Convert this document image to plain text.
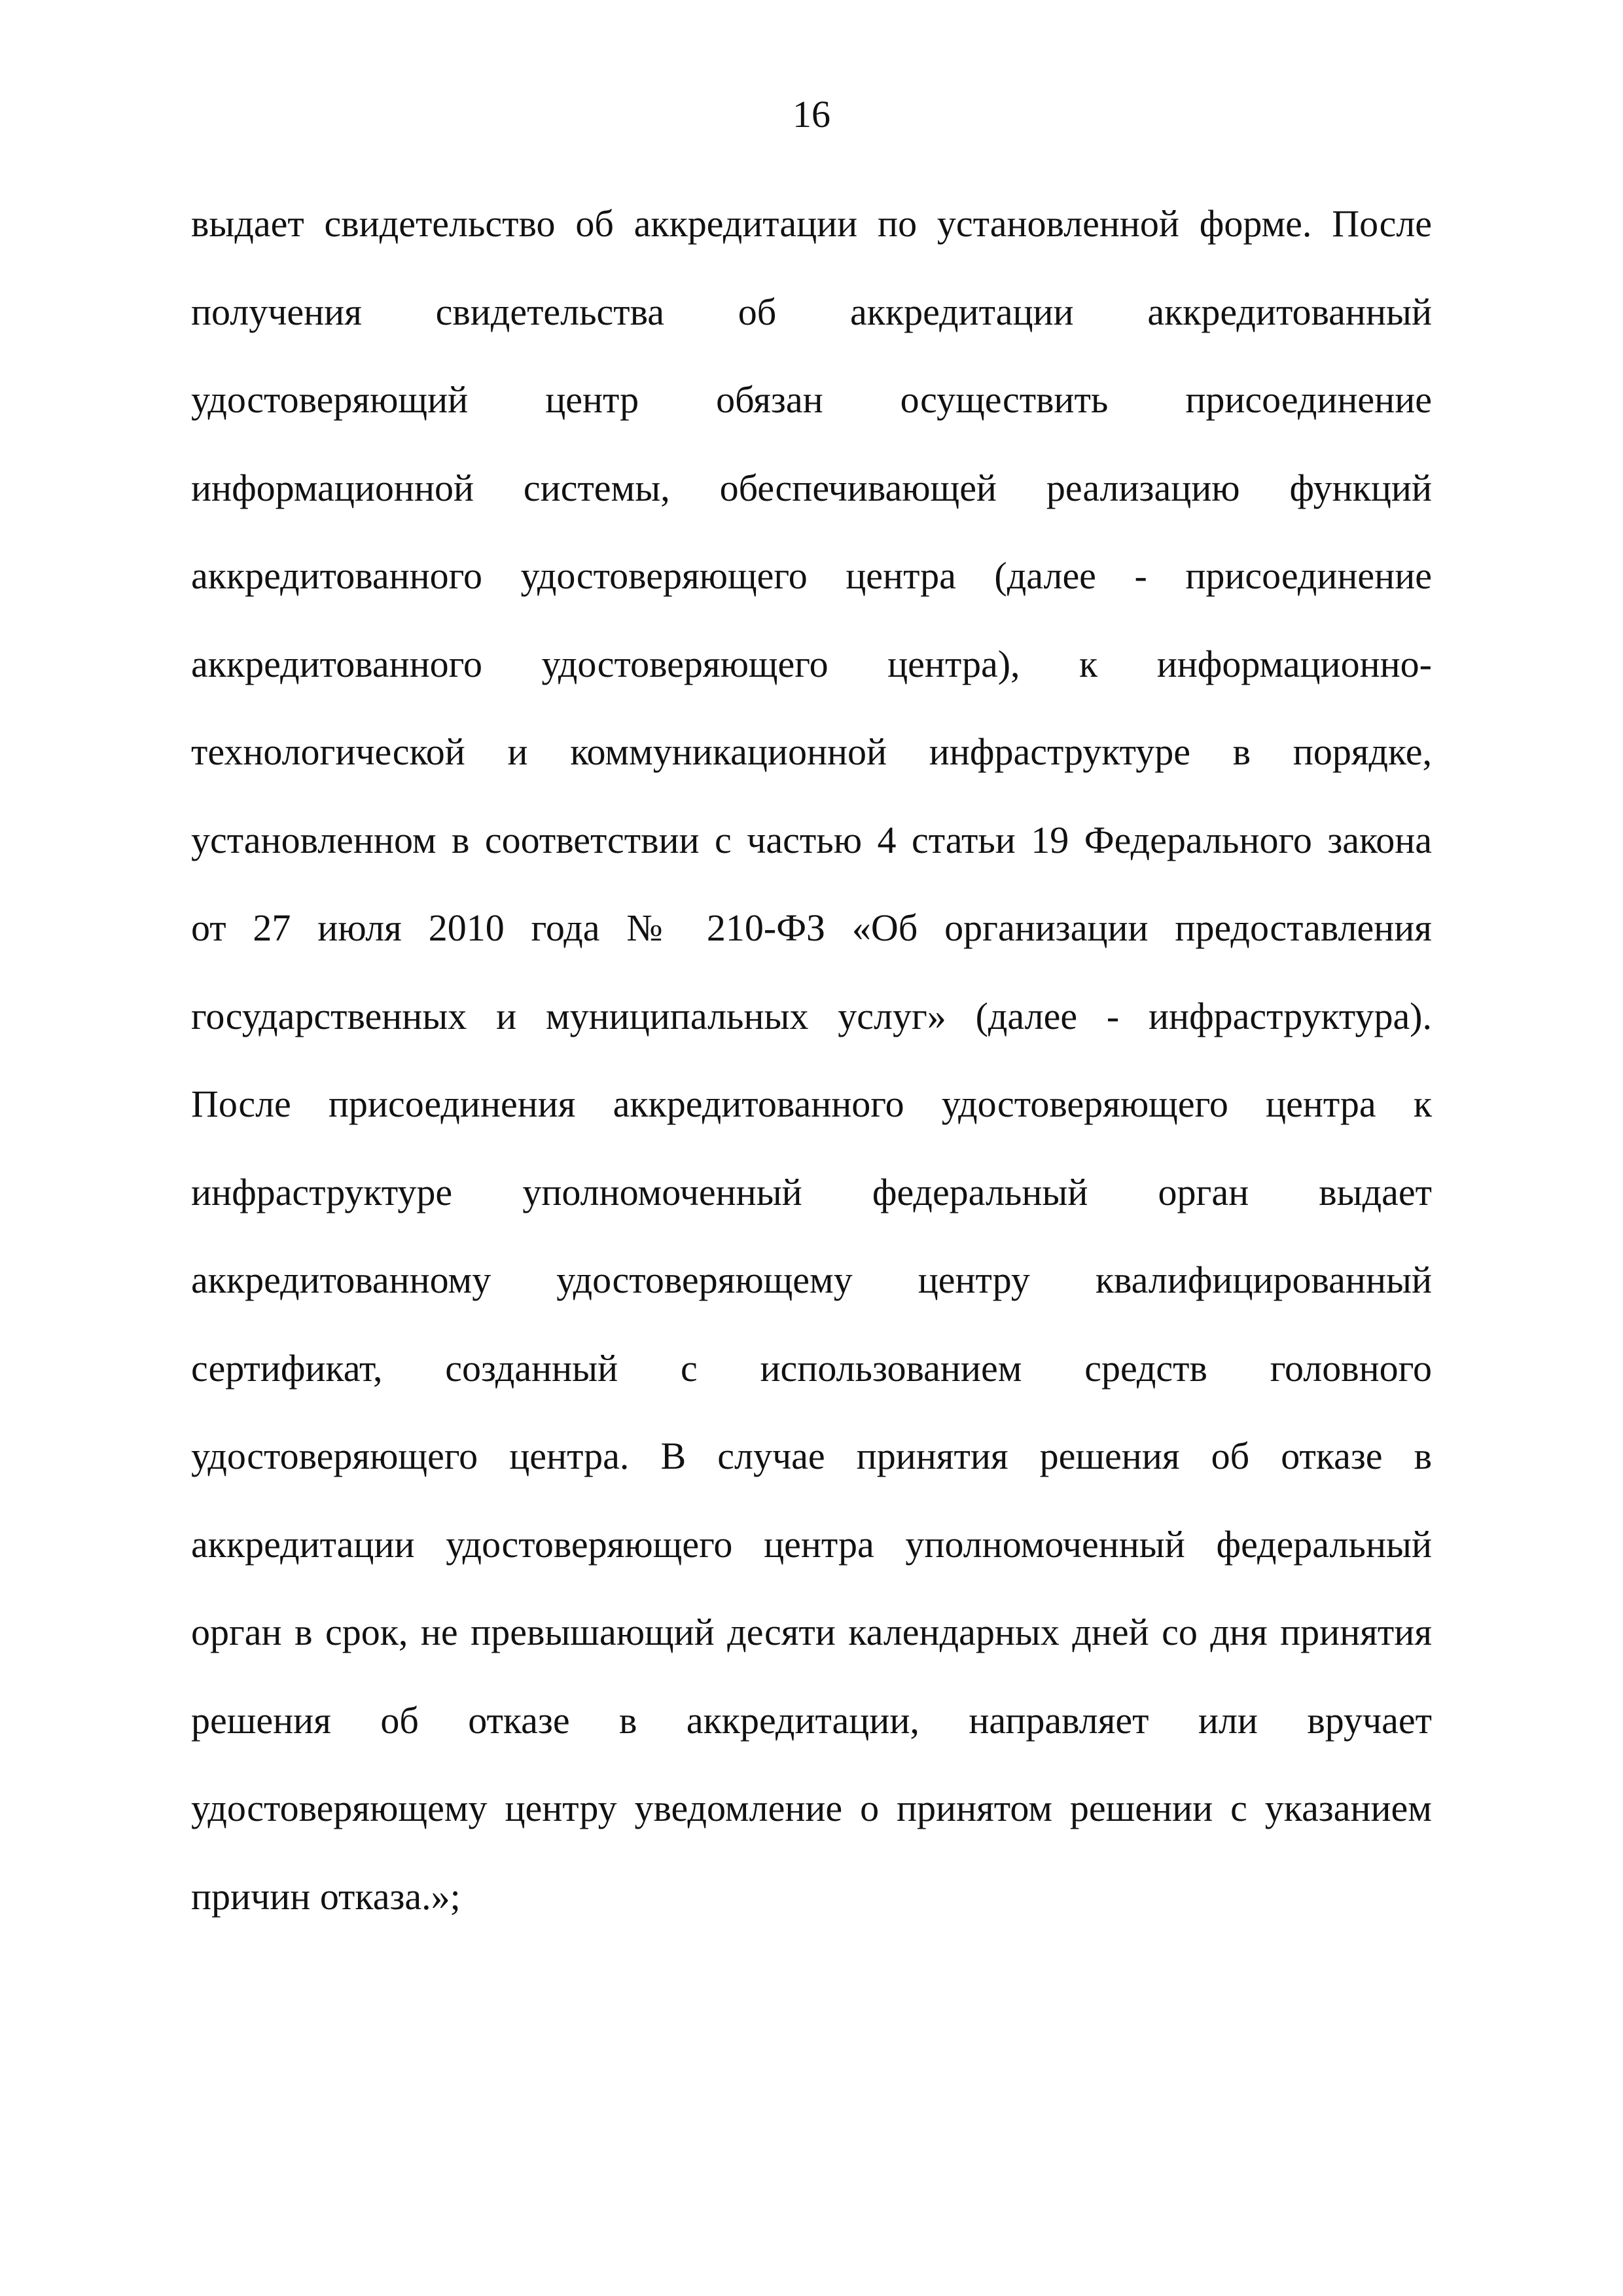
16
выдает свидетельство об аккредитации по установленной форме. После
получения свидетельства об аккредитации аккредитованный
удостоверяющий центр обязан осуществить присоединение
информационной системы, обеспечивающей реализацию функций
аккредитованного удостоверяющего центра (далее - присоединение
аккредитованного удостоверяющего центра), к информационно-
технологической и коммуникационной инфраструктуре в порядке,
установленном в соответствии с частью 4 статьи 19 Федерального закона
от 27 июля 2010 года № 210-ФЗ «Об организации предоставления
государственных и муниципальных услуг» (далее - инфраструктура).
После присоединения аккредитованного удостоверяющего центра к
инфраструктуре уполномоченный федеральный орган выдает
аккредитованному удостоверяющему центру квалифицированный
сертификат, созданный с использованием средств головного
удостоверяющего центра. В случае принятия решения об отказе в
аккредитации удостоверяющего центра уполномоченный федеральный
орган в срок, не превышающий десяти календарных дней со дня принятия
решения об отказе в аккредитации, направляет или вручает
удостоверяющему центру уведомление о принятом решении с указанием
причин отказа.»;
